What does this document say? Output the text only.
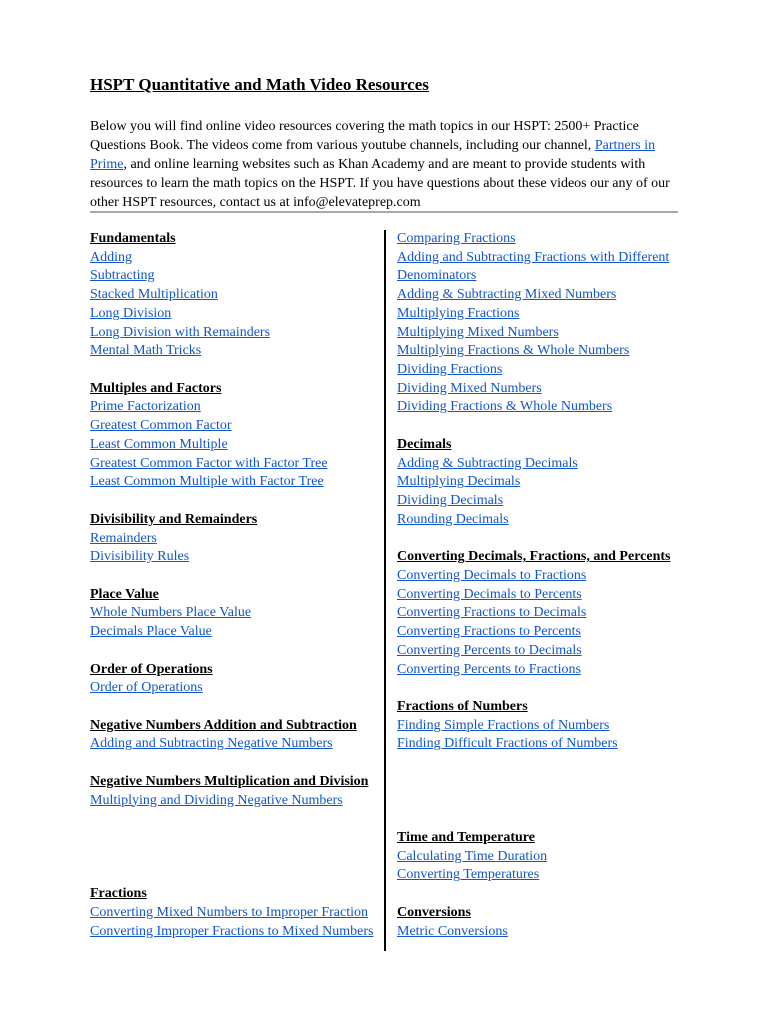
HSPT Quantitative and Math Video Resources
Below you will find online video resources covering the math topics in our HSPT: 2500+ Practice Questions Book. The videos come from various youtube channels, including our channel, Partners in Prime, and online learning websites such as Khan Academy and are meant to provide students with resources to learn the math topics on the HSPT. If you have questions about these videos our any of our other HSPT resources, contact us at info@elevateprep.com
Fundamentals
Adding
Subtracting
Stacked Multiplication
Long Division
Long Division with Remainders
Mental Math Tricks
Multiples and Factors
Prime Factorization
Greatest Common Factor
Least Common Multiple
Greatest Common Factor with Factor Tree
Least Common Multiple with Factor Tree
Divisibility and Remainders
Remainders
Divisibility Rules
Place Value
Whole Numbers Place Value
Decimals Place Value
Order of Operations
Order of Operations
Negative Numbers Addition and Subtraction
Adding and Subtracting Negative Numbers
Negative Numbers Multiplication and Division
Multiplying and Dividing Negative Numbers
Fractions
Converting Mixed Numbers to Improper Fraction
Converting Improper Fractions to Mixed Numbers
Comparing Fractions
Adding and Subtracting Fractions with Different
Denominators
Adding & Subtracting Mixed Numbers
Multiplying Fractions
Multiplying Mixed Numbers
Multiplying Fractions & Whole Numbers
Dividing Fractions
Dividing Mixed Numbers
Dividing Fractions & Whole Numbers
Decimals
Adding & Subtracting Decimals
Multiplying Decimals
Dividing Decimals
Rounding Decimals
Converting Decimals, Fractions, and Percents
Converting Decimals to Fractions
Converting Decimals to Percents
Converting Fractions to Decimals
Converting Fractions to Percents
Converting Percents to Decimals
Converting Percents to Fractions
Fractions of Numbers
Finding Simple Fractions of Numbers
Finding Difficult Fractions of Numbers
Time and Temperature
Calculating Time Duration
Converting Temperatures
Conversions
Metric Conversions
